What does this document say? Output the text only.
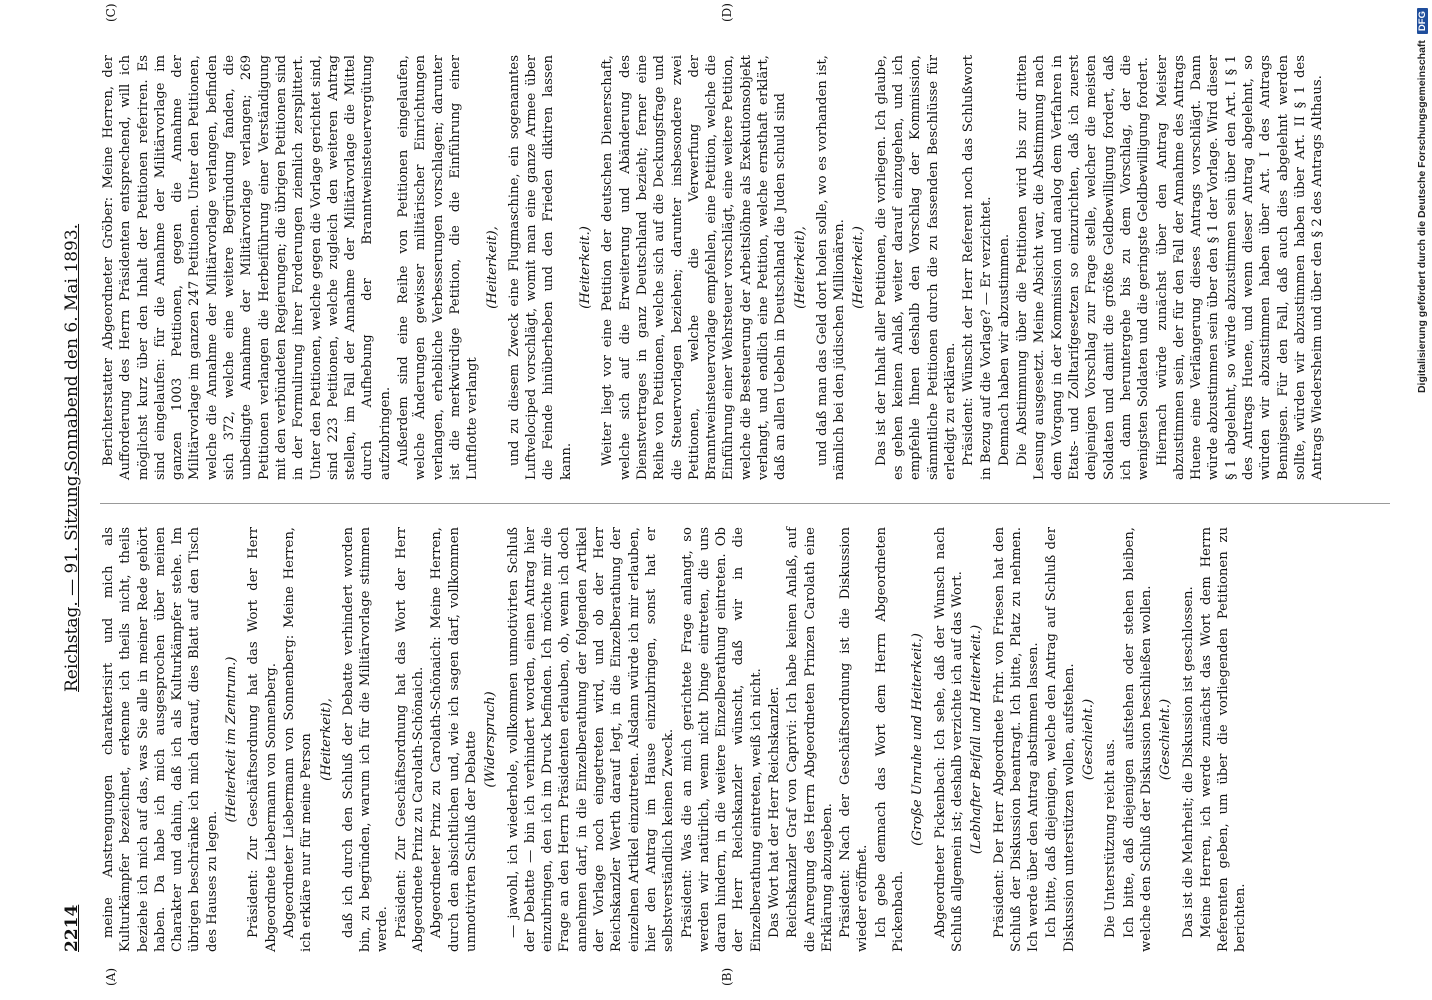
2214
Reichstag. — 91. Sitzung.
Sonnabend den 6. Mai 1893.
(A)	(B)
(C)	(D)

meine Anstrengungen charakterisirt und mich als Kulturkämpfer bezeichnet, erkenne ich theils nicht, theils beziehe ich mich auf das, was Sie alle in meiner Rede gehört haben. Da habe ich mich ausgesprochen über meinen Charakter und dahin, daß ich als Kulturkämpfer stehe. Im übrigen beschränke ich mich darauf, dies Blatt auf den Tisch des Hauses zu legen.

(Heiterkeit im Zentrum.) Präsident: Zur Geschäftsordnung hat das Wort der Herr Abgeordnete Liebermann von Sonnenberg. Abgeordneter Liebermann von Sonnenberg: Meine Herren, ich erkläre nur für meine Person (Heiterkeit), daß ich durch den Schluß der Debatte verhindert worden bin, zu begründen, warum ich für die Militärvorlage stimmen werde. Präsident: Zur Geschäftsordnung hat das Wort der Herr Abgeordnete Prinz zu Carolath-Schönaich. Abgeordneter Prinz zu Carolath-Schönaich: Meine Herren, durch den absichtlichen und, wie ich sagen darf, vollkommen unmotivirten Schluß der Debatte (Widerspruch) — jawohl, ich wiederhole, vollkommen unmotivirten Schluß der Debatte — bin ich verhindert worden, einen Antrag hier einzubringen, den ich im Druck befinden. Ich möchte mir die Frage an den Herrn Präsidenten erlauben, ob, wenn ich doch annehmen darf, in die Einzelberathung der folgenden Artikel der Vorlage noch eingetreten wird, und ob der Herr Reichskanzler Werth darauf legt, in die Einzelberathung der einzelnen Artikel einzutreten. Alsdann würde ich mir erlauben, hier den Antrag im Hause einzubringen, sonst hat er selbstverständlich keinen Zweck. Präsident: Was die an mich gerichtete Frage anlangt, so werden wir natürlich, wenn nicht Dinge eintreten, die uns daran hindern, in die weitere Einzelberathung eintreten. Ob der Herr Reichskanzler wünscht, daß wir in die Einzelberathung eintreten, weiß ich nicht. Das Wort hat der Herr Reichskanzler. Reichskanzler Graf von Caprivi: Ich habe keinen Anlaß, auf die Anregung des Herrn Abgeordneten Prinzen Carolath eine Erklärung abzugeben. Präsident: Nach der Geschäftsordnung ist die Diskussion wieder eröffnet. Ich gebe demnach das Wort dem Herrn Abgeordneten Pickenbach.

(Große Unruhe und Heiterkeit.) Abgeordneter Pickenbach: Ich sehe, daß der Wunsch nach Schluß allgemein ist; deshalb verzichte ich auf das Wort. (Lebhafter Beifall und Heiterkeit.) Präsident: Der Herr Abgeordnete Frhr. von Friesen hat den Schluß der Diskussion beantragt. Ich bitte, Platz zu nehmen. Ich werde über den Antrag abstimmen lassen. Ich bitte, daß diejenigen, welche den Antrag auf Schluß der Diskussion unterstützen wollen, aufstehen. (Geschieht.) Die Unterstützung reicht aus. Ich bitte, daß diejenigen aufstehen oder stehen bleiben, welche den Schluß der Diskussion beschließen wollen. (Geschieht.) Das ist die Mehrheit; die Diskussion ist geschlossen. Meine Herren, ich werde zunächst das Wort dem Herrn Referenten geben, um über die vorliegenden Petitionen zu berichten.

Berichterstatter Abgeordneter Gröber: Meine Herren, der Aufforderung des Herrn Präsidenten entsprechend, will ich möglichst kurz über den Inhalt der Petitionen referiren. Es sind eingelaufen: für die Annahme der Militärvorlage im ganzen 1003 Petitionen, gegen die Annahme der Militärvorlage im ganzen 247 Petitionen. Unter den Petitionen, welche die Annahme der Militärvorlage verlangen, befinden sich 372, welche eine weitere Begründung fanden, die unbedingte Annahme der Militärvorlage verlangen; 269 Petitionen verlangen die Herbeiführung einer Verständigung mit den verbündeten Regierungen; die übrigen Petitionen sind in der Formulirung ihrer Forderungen ziemlich zersplittert. Unter den Petitionen, welche gegen die Vorlage gerichtet sind, sind 223 Petitionen, welche zugleich den weiteren Antrag stellen, im Fall der Annahme der Militärvorlage die Mittel durch Aufhebung der Branntweinsteuervergütung aufzubringen. Außerdem sind eine Reihe von Petitionen eingelaufen, welche Änderungen gewisser militärischer Einrichtungen verlangen, erhebliche Verbesserungen vorschlagen; darunter ist die merkwürdige Petition, die die Einführung einer Luftflotte verlangt

(Heiterkeit), und zu diesem Zweck eine Flugmaschine, ein sogenanntes Luftvelociped vorschlägt, womit man eine ganze Armee über die Feinde hinüberheben und den Frieden diktiren lassen kann.

(Heiterkeit.) Weiter liegt vor eine Petition der deutschen Dienerschaft, welche sich auf die Erweiterung und Abänderung des Dienstvertrages in ganz Deutschland bezieht; ferner eine Reihe von Petitionen, welche sich auf die Deckungsfrage und die Steuervorlagen beziehen; darunter insbesondere zwei Petitionen, welche die Verwerfung der Branntweinsteuervorlage empfehlen, eine Petition, welche die Einführung einer Wehrsteuer vorschlägt, eine weitere Petition, welche die Besteuerung der Arbeitslöhne als Exekutionsobjekt verlangt, und endlich eine Petition, welche ernsthaft erklärt, daß an allen Uebeln in Deutschland die Juden schuld sind (Heiterkeit), und daß man das Geld dort holen solle, wo es vorhanden ist, nämlich bei den jüdischen Millionären. (Heiterkeit.) Das ist der Inhalt aller Petitionen, die vorliegen. Ich glaube, es gehen keinen Anlaß, weiter darauf einzugehen, und ich empfehle Ihnen deshalb den Vorschlag der Kommission, sämmtliche Petitionen durch die zu fassenden Beschlüsse für erledigt zu erklären. Präsident: Wünscht der Herr Referent noch das Schlußwort in Bezug auf die Vorlage? — Er verzichtet. Demnach haben wir abzustimmen. Die Abstimmung über die Petitionen wird bis zur dritten Lesung ausgesetzt. Meine Absicht war, die Abstimmung nach dem Vorgang in der Kommission und analog dem Verfahren in Etats- und Zolltarifgesetzen so einzurichten, daß ich zuerst denjenigen Vorschlag zur Frage stelle, welcher die meisten Soldaten und damit die größte Geldbewilligung fordert, daß ich dann heruntergehe bis zu dem Vorschlag, der die wenigsten Soldaten und die geringste Geldbewilligung fordert. Hiernach würde zunächst über den Antrag Meister abzustimmen sein, der für den Fall der Annahme des Antrags Huene eine Verlängerung dieses Antrags vorschlägt. Dann würde abzustimmen sein über den § 1 der Vorlage. Wird dieser § 1 abgelehnt, so würde abzustimmen sein über den Art. I § 1 des Antrags Huene, und wenn dieser Antrag abgelehnt, so würden wir abzustimmen haben über Art. I des Antrags Bennigsen. Für den Fall, daß auch dies abgelehnt werden sollte, würden wir abzustimmen haben über Art. II § 1 des Antrags Wiedersheim und über den § 2 des Antrags Althaus.	Digitalisierung gefördert durch die Deutsche Forschungsgemeinschaft
DFG
